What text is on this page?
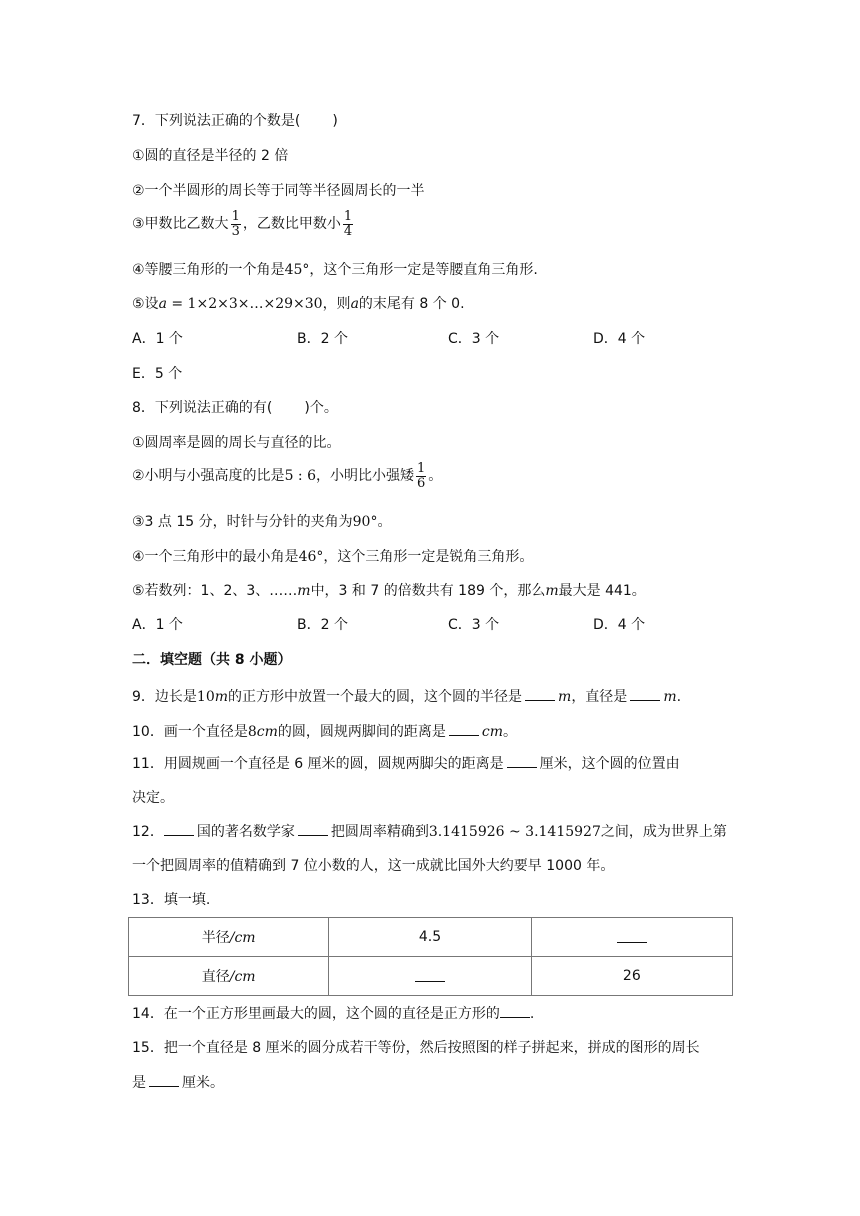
7．下列说法正确的个数是( )
①圆的直径是半径的 2 倍
②一个半圆形的周长等于同等半径圆周长的一半
③甲数比乙数大 $\frac{1}{3}$ ，乙数比甲数小 $\frac{1}{4}$
④等腰三角形的一个角是45°，这个三角形一定是等腰直角三角形.
⑤设a = 1×2×3×…×29×30，则a的末尾有 8 个 0.
A．1 个	B．2 个	C．3 个	D．4 个
E．5 个
8．下列说法正确的有( )个。
①圆周率是圆的周长与直径的比。
②小明与小强高度的比是5 : 6，小明比小强矮 $\frac{1}{6}$ 。
③3 点 15 分，时针与分针的夹角为90°。
④一个三角形中的最小角是46°，这个三角形一定是锐角三角形。
⑤若数列：1、2、3、……m中，3 和 7 的倍数共有 189 个，那么m最大是 441。
A．1 个	B．2 个	C．3 个	D．4 个
二．填空题（共 8 小题）
9．边长是10m的正方形中放置一个最大的圆，这个圆的半径是	m，直径是	m.
10．画一个直径是8cm的圆，圆规两脚间的距离是	cm。
11．用圆规画一个直径是 6 厘米的圆，圆规两脚尖的距离是	厘米，这个圆的位置由
决定。
12． 国的著名数学家	把圆周率精确到3.1415926 ~ 3.1415927之间，成为世界上第
一个把圆周率的值精确到 7 位小数的人，这一成就比国外大约要早 1000 年。
13．填一填.
半径/cm	4.5	
直径/cm		26
14．在一个正方形里画最大的圆，这个圆的直径是正方形的 .
15．把一个直径是 8 厘米的圆分成若干等份，然后按照图的样子拼起来，拼成的图形的周长
是	厘米。
